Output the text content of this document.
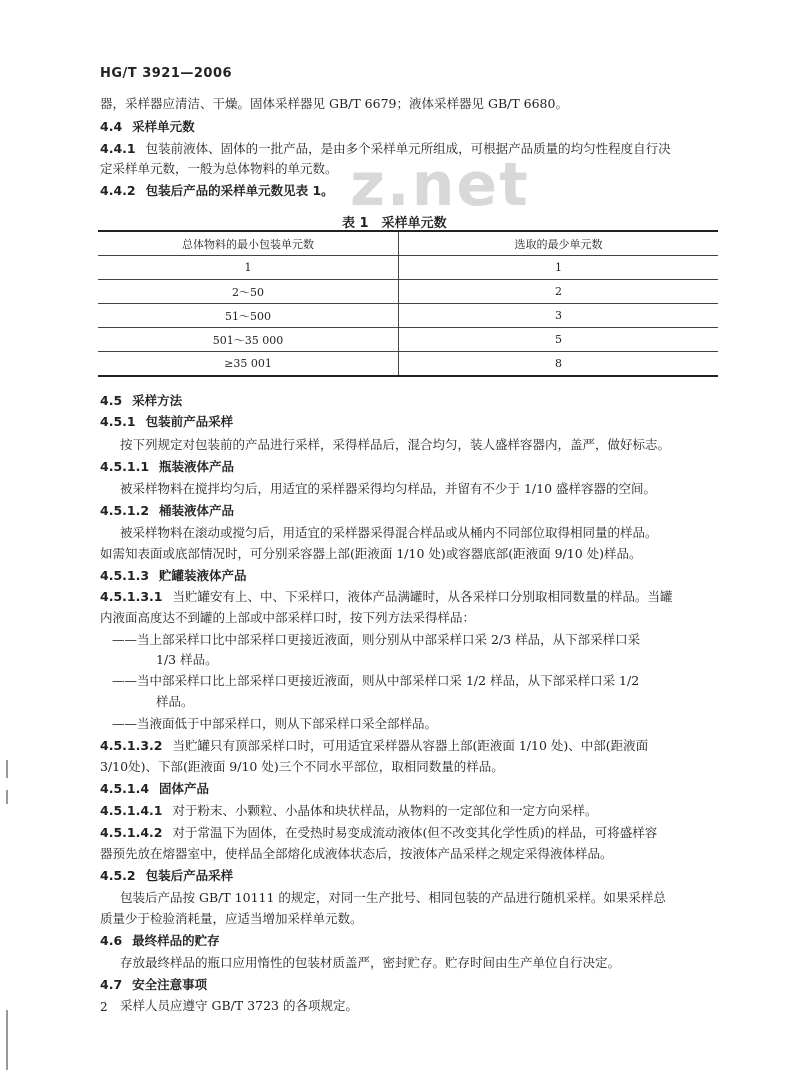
HG/T 3921—2006
z.net
器，采样器应清洁、干燥。固体采样器见 GB/T 6679；液体采样器见 GB/T 6680。
4.4 采样单元数
4.4.1 包装前液体、固体的一批产品，是由多个采样单元所组成，可根据产品质量的均匀性程度自行决
定采样单元数，一般为总体物料的单元数。
4.4.2 包装后产品的采样单元数见表 1。
4.5 采样方法
4.5.1 包装前产品采样
按下列规定对包装前的产品进行采样，采得样品后，混合均匀，装人盛样容器内，盖严，做好标志。
4.5.1.1 瓶装液体产品
被采样物料在搅拌均匀后，用适宜的采样器采得均匀样品，并留有不少于 1/10 盛样容器的空间。
4.5.1.2 桶装液体产品
被采样物料在滚动或搅匀后，用适宜的采样器采得混合样品或从桶内不同部位取得相同量的样品。
如需知表面或底部情况时，可分别采容器上部(距液面 1/10 处)或容器底部(距液面 9/10 处)样品。
4.5.1.3 贮罐装液体产品
4.5.1.3.1 当贮罐安有上、中、下采样口，液体产品满罐时，从各采样口分别取相同数量的样品。当罐
内液面高度达不到罐的上部或中部采样口时，按下列方法采得样品：
——当上部采样口比中部采样口更接近液面，则分别从中部采样口采 2/3 样品，从下部采样口采
1/3 样品。
——当中部采样口比上部采样口更接近液面，则从中部采样口采 1/2 样品，从下部采样口采 1/2
样品。
——当液面低于中部采样口，则从下部采样口采全部样品。
4.5.1.3.2 当贮罐只有顶部采样口时，可用适宜采样器从容器上部(距液面 1/10 处)、中部(距液面
3/10处)、下部(距液面 9/10 处)三个不同水平部位，取相同数量的样品。
4.5.1.4 固体产品
4.5.1.4.1 对于粉末、小颗粒、小晶体和块状样品，从物料的一定部位和一定方向采样。
4.5.1.4.2 对于常温下为固体，在受热时易变成流动液体(但不改变其化学性质)的样品，可将盛样容
器预先放在熔器室中，使样品全部熔化成液体状态后，按液体产品采样之规定采得液体样品。
4.5.2 包装后产品采样
包装后产品按 GB/T 10111 的规定，对同一生产批号、相同包装的产品进行随机采样。如果采样总
质量少于检验消耗量，应适当增加采样单元数。
4.6 最终样品的贮存
存放最终样品的瓶口应用惰性的包装材质盖严，密封贮存。贮存时间由生产单位自行决定。
4.7 安全注意事项
采样人员应遵守 GB/T 3723 的各项规定。
表 1　采样单元数
总体物料的最小包装单元数	选取的最少单元数
1	1
2～50	2
51～500	3
501～35 000	5
≥35 001	8
2
